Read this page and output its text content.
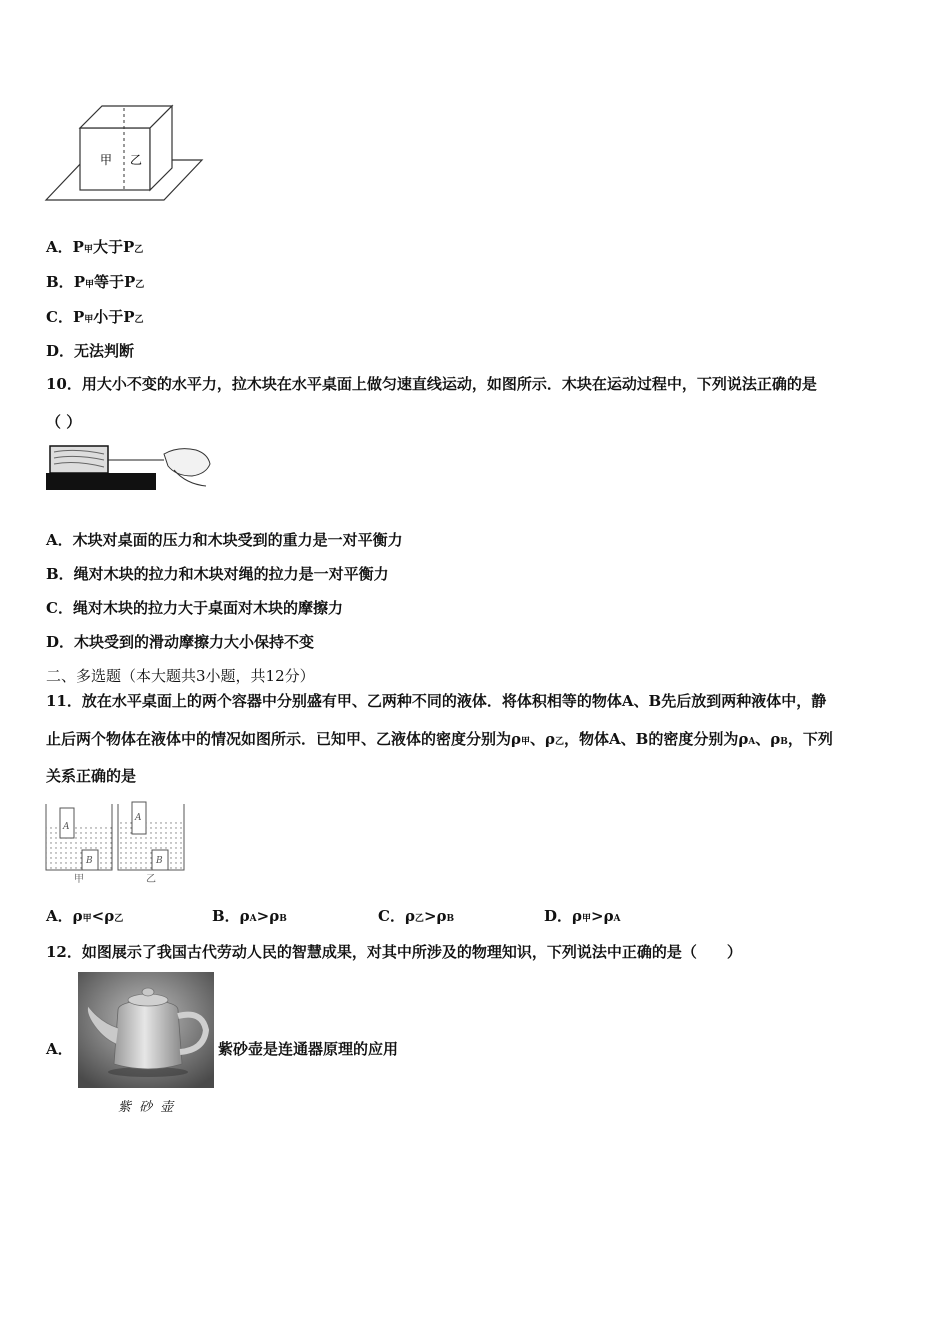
甲 乙
A．P甲大于P乙
B．P甲等于P乙
C．P甲小于P乙
D．无法判断
10．用大小不变的水平力，拉木块在水平桌面上做匀速直线运动，如图所示．木块在运动过程中，下列说法正确的是
（ ）
A．木块对桌面的压力和木块受到的重力是一对平衡力
B．绳对木块的拉力和木块对绳的拉力是一对平衡力
C．绳对木块的拉力大于桌面对木块的摩擦力
D．木块受到的滑动摩擦力大小保持不变
二、多选题（本大题共3小题，共12分）
11．放在水平桌面上的两个容器中分别盛有甲、乙两种不同的液体．将体积相等的物体A、B先后放到两种液体中，静
止后两个物体在液体中的情况如图所示．已知甲、乙液体的密度分别为ρ甲、ρ乙，物体A、B的密度分别为ρA、ρB，下列
关系正确的是
A
B
甲
A
B
乙
A．ρ甲<ρ乙	B．ρA>ρB	C．ρ乙>ρB	D．ρ甲>ρA
12．如图展示了我国古代劳动人民的智慧成果，对其中所涉及的物理知识，下列说法中正确的是（　　）
A．	紫砂壶是连通器原理的应用
紫 砂 壶
